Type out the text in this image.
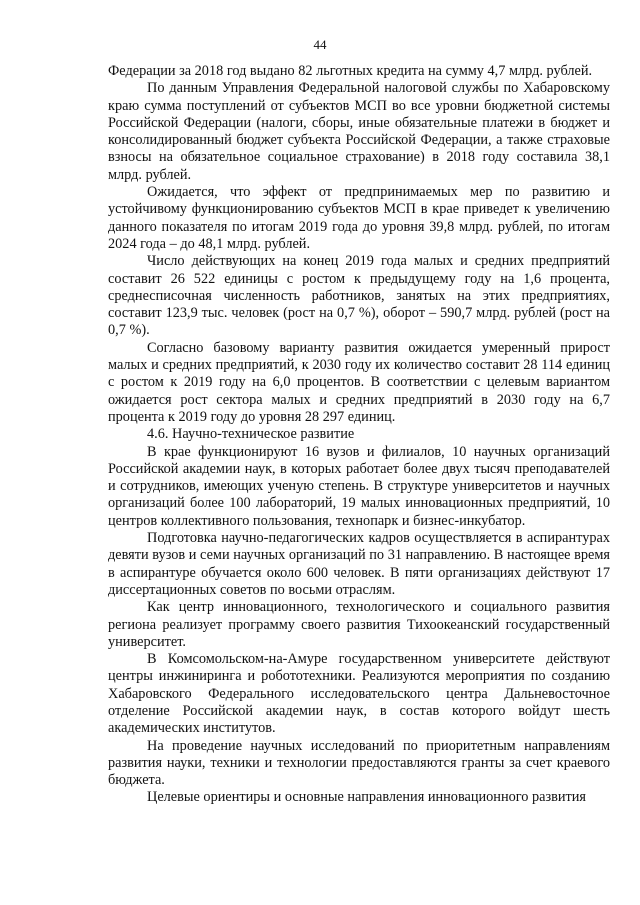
44

Федерации за 2018 год выдано 82 льготных кредита на сумму 4,7 млрд. рублей.

По данным Управления Федеральной налоговой службы по Хабаровскому краю сумма поступлений от субъектов МСП во все уровни бюджетной системы Российской Федерации (налоги, сборы, иные обязательные платежи в бюджет и консолидированный бюджет субъекта Российской Федерации, а также страховые взносы на обязательное социальное страхование) в 2018 году составила 38,1 млрд. рублей.

Ожидается, что эффект от предпринимаемых мер по развитию и устойчивому функционированию субъектов МСП в крае приведет к увеличению данного показателя по итогам 2019 года до уровня 39,8 млрд. рублей, по итогам 2024 года – до 48,1 млрд. рублей.

Число действующих на конец 2019 года малых и средних предприятий составит 26 522 единицы с ростом к предыдущему году на 1,6 процента, среднесписочная численность работников, занятых на этих предприятиях, составит 123,9 тыс. человек (рост на 0,7 %), оборот – 590,7 млрд. рублей (рост на 0,7 %).

Согласно базовому варианту развития ожидается умеренный прирост малых и средних предприятий, к 2030 году их количество составит 28 114 единиц с ростом к 2019 году на 6,0 процентов. В соответствии с целевым вариантом ожидается рост сектора малых и средних предприятий в 2030 году на 6,7 процента к 2019 году до уровня 28 297 единиц.

4.6. Научно-техническое развитие

В крае функционируют 16 вузов и филиалов, 10 научных организаций Российской академии наук, в которых работает более двух тысяч преподавателей и сотрудников, имеющих ученую степень. В структуре университетов и научных организаций более 100 лабораторий, 19 малых инновационных предприятий, 10 центров коллективного пользования, технопарк и бизнес-инкубатор.

Подготовка научно-педагогических кадров осуществляется в аспирантурах девяти вузов и семи научных организаций по 31 направлению. В настоящее время в аспирантуре обучается около 600 человек. В пяти организациях действуют 17 диссертационных советов по восьми отраслям.

Как центр инновационного, технологического и социального развития региона реализует программу своего развития Тихоокеанский государственный университет.

В Комсомольском-на-Амуре государственном университете действуют центры инжиниринга и робототехники. Реализуются мероприятия по созданию Хабаровского Федерального исследовательского центра Дальневосточное отделение Российской академии наук, в состав которого войдут шесть академических институтов.

На проведение научных исследований по приоритетным направлениям развития науки, техники и технологии предоставляются гранты за счет краевого бюджета.

Целевые ориентиры и основные направления инновационного развития
